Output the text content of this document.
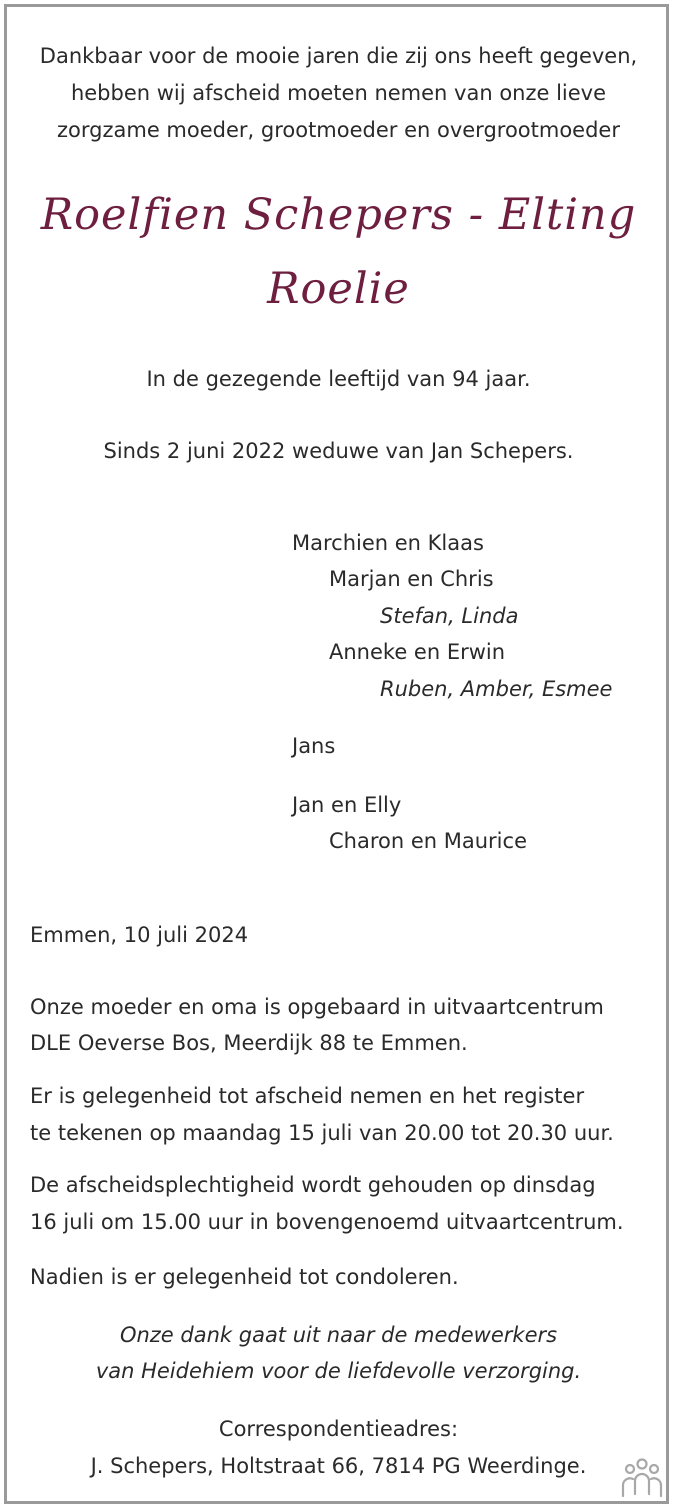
Dankbaar voor de mooie jaren die zij ons heeft gegeven,
hebben wij afscheid moeten nemen van onze lieve
zorgzame moeder, grootmoeder en overgrootmoeder
Roelfien Schepers - Elting
Roelie
In de gezegende leeftijd van 94 jaar.
Sinds 2 juni 2022 weduwe van Jan Schepers.
Marchien en Klaas
Marjan en Chris
Stefan, Linda
Anneke en Erwin
Ruben, Amber, Esmee
Jans
Jan en Elly
Charon en Maurice
Emmen, 10 juli 2024
Onze moeder en oma is opgebaard in uitvaartcentrum
DLE Oeverse Bos, Meerdijk 88 te Emmen.
Er is gelegenheid tot afscheid nemen en het register
te tekenen op maandag 15 juli van 20.00 tot 20.30 uur.
De afscheidsplechtigheid wordt gehouden op dinsdag
16 juli om 15.00 uur in bovengenoemd uitvaartcentrum.
Nadien is er gelegenheid tot condoleren.
Onze dank gaat uit naar de medewerkers
van Heidehiem voor de liefdevolle verzorging.
Correspondentieadres:
J. Schepers, Holtstraat 66, 7814 PG Weerdinge.
